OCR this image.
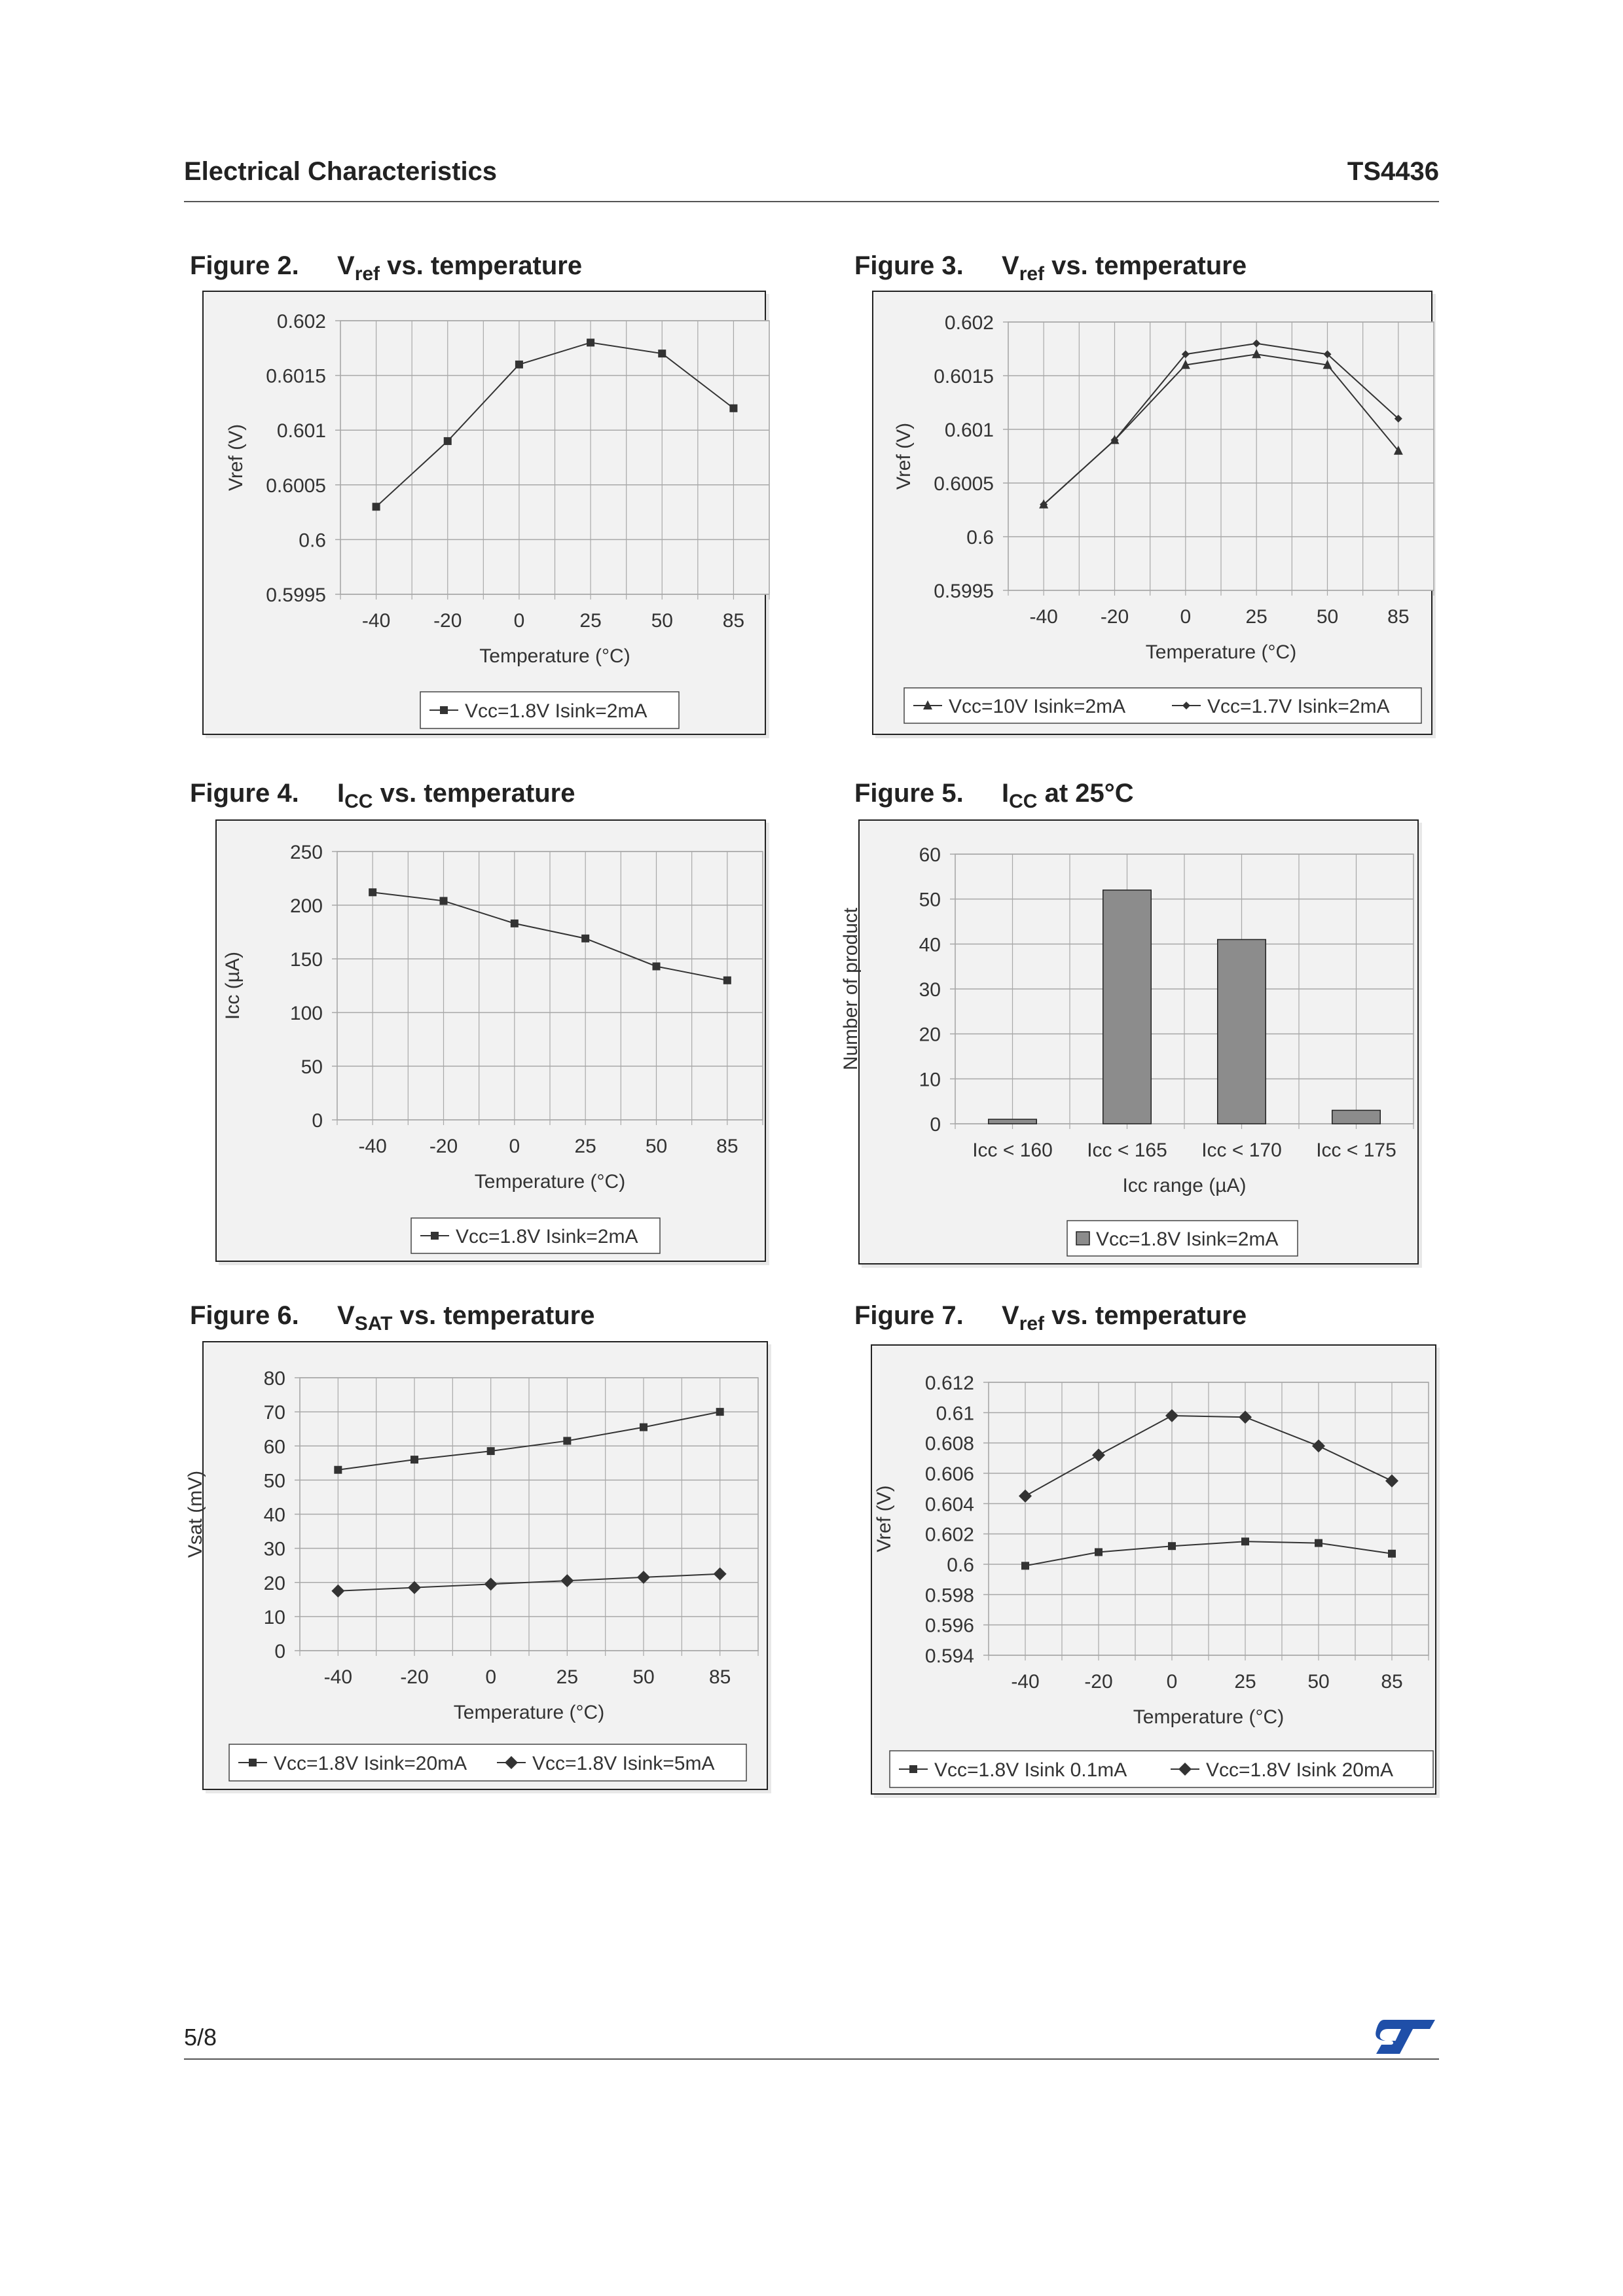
Electrical Characteristics	TS4436
Figure 2. $V_{ref}$ vs. temperature	Figure 3. $V_{ref}$ vs. temperature
Figure 4. $I_{CC}$ vs. temperature	Figure 5. $I_{CC}$ at 25°C
Figure 6. $V_{SAT}$ vs. temperature	Figure 7. $V_{ref}$ vs. temperature
0.602
0.6015
0.601
0.6005
0.6
0.5995
Vref (V)
-40 -20	0	25	50	85
Temperature (°C)
Vcc=1.8V Isink=2mA
0.602
0.6015
0.601
0.6005
0.6
0.5995
Vref (V)
-40 -20	0	25 50 85
Temperature (°C)
Vcc=10V Isink=2mA	Vcc=1.7V Isink=2mA
250
200
150
100
50
0
Icc (µA)
-40 -20	0	25 50 85
Temperature (°C)
Vcc=1.8V Isink=2mA
60
50
40
30
20
10
0
Number of product
Icc < 160 Icc < 165 Icc < 170 Icc < 175
Icc range (µA)
Vcc=1.8V Isink=2mA
80
70
60
50
40
30
20
10
0
Vsat (mV)
-40 -20	0	25	50	85
Temperature (°C)
Vcc=1.8V Isink=20mA	Vcc=1.8V Isink=5mA
0.612
0.61
0.608
0.606
0.604
0.602
0.6
0.598
0.596
0.594
Vref (V)
-40 -20	0	25	50	85
Temperature (°C)
Vcc=1.8V Isink 0.1mA	Vcc=1.8V Isink 20mA
5/8
